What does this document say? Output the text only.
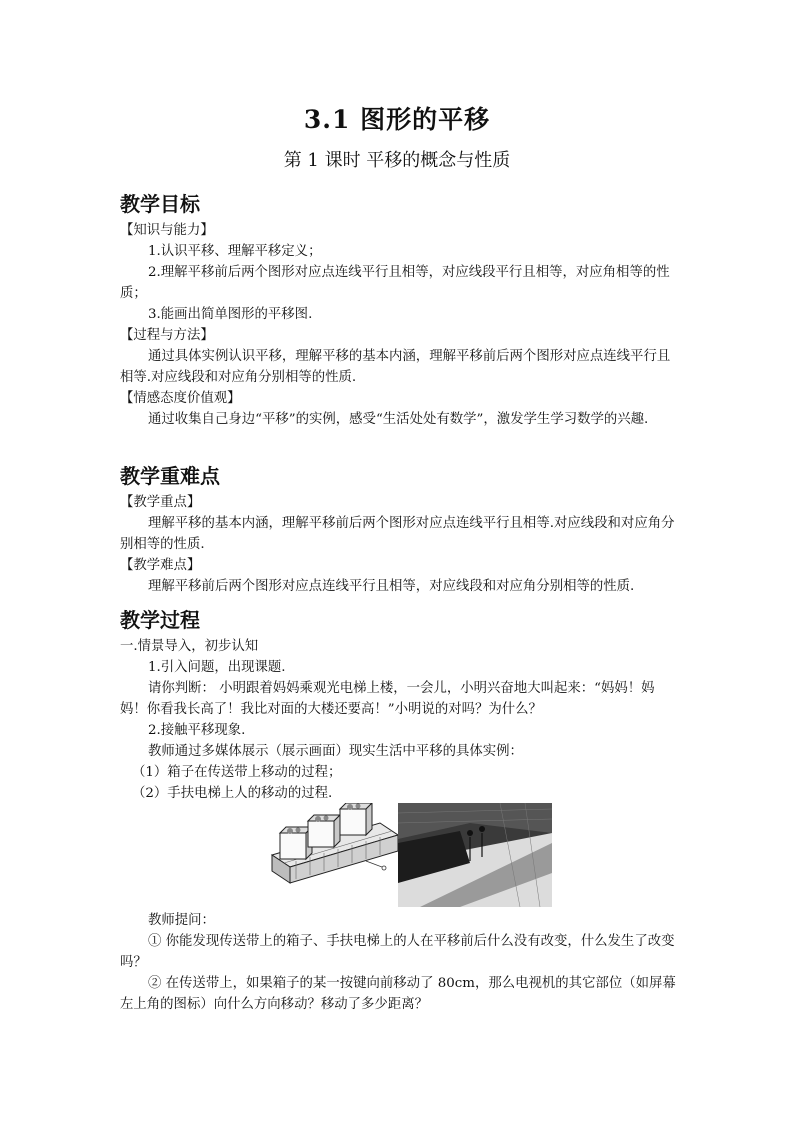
3.1 图形的平移
第 1 课时 平移的概念与性质
教学目标

【知识与能力】

1.认识平移、理解平移定义；

2.理解平移前后两个图形对应点连线平行且相等，对应线段平行且相等，对应角相等的性质；

3.能画出简单图形的平移图.

【过程与方法】

通过具体实例认识平移，理解平移的基本内涵，理解平移前后两个图形对应点连线平行且相等.对应线段和对应角分别相等的性质.

【情感态度价值观】

通过收集自己身边“平移”的实例，感受“生活处处有数学”，激发学生学习数学的兴趣.

教学重难点

【教学重点】

理解平移的基本内涵，理解平移前后两个图形对应点连线平行且相等.对应线段和对应角分别相等的性质.

【教学难点】

理解平移前后两个图形对应点连线平行且相等，对应线段和对应角分别相等的性质.

教学过程

一.情景导入，初步认知

1.引入问题，出现课题.

请你判断： 小明跟着妈妈乘观光电梯上楼，一会儿，小明兴奋地大叫起来：“妈妈！妈妈！你看我长高了！我比对面的大楼还要高！”小明说的对吗？为什么？

2.接触平移现象.

教师通过多媒体展示（展示画面）现实生活中平移的具体实例：

（1）箱子在传送带上移动的过程；

（2）手扶电梯上人的移动的过程.

教师提问：

① 你能发现传送带上的箱子、手扶电梯上的人在平移前后什么没有改变，什么发生了改变吗？

② 在传送带上，如果箱子的某一按键向前移动了 80cm，那么电视机的其它部位（如屏幕左上角的图标）向什么方向移动？移动了多少距离？
